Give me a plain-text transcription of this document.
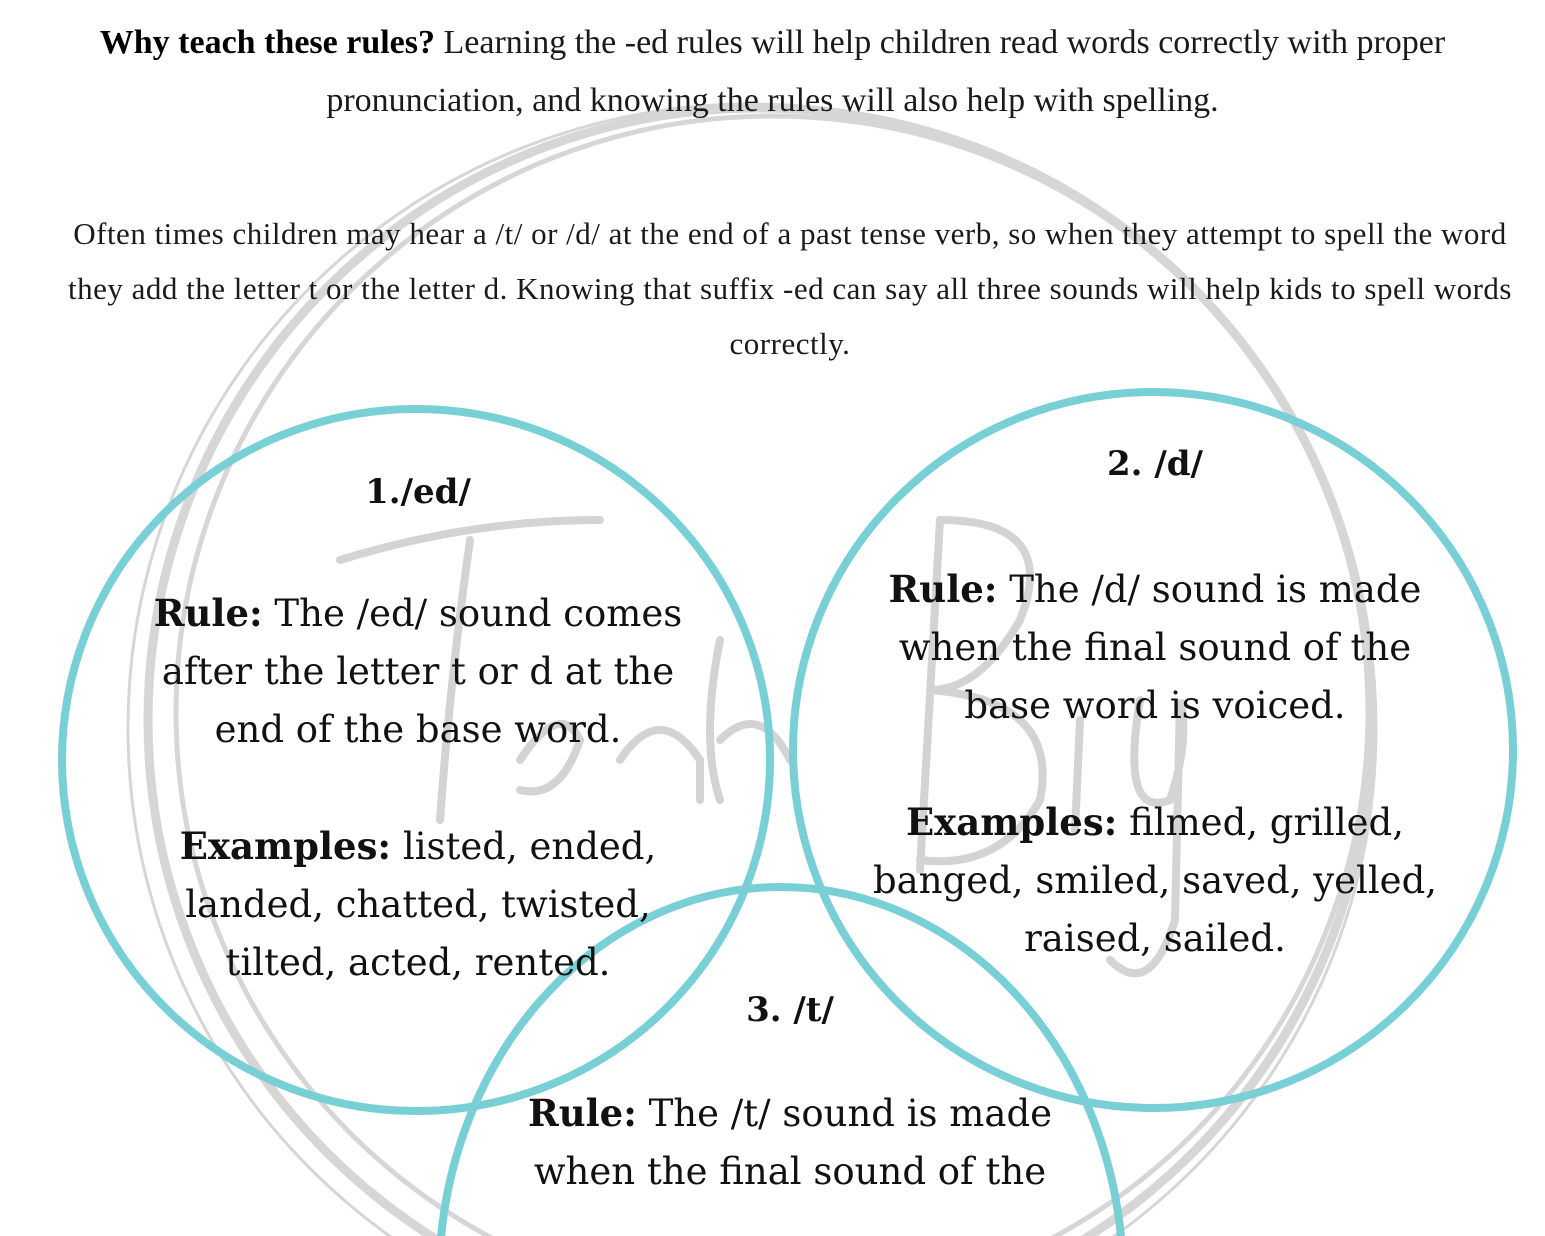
Why teach these rules? Learning the -ed rules will help children read words correctly with proper pronunciation, and knowing the rules will also help with spelling.
Often times children may hear a /t/ or /d/ at the end of a past tense verb, so when they attempt to spell the word they add the letter t or the letter d. Knowing that suffix -ed can say all three sounds will help kids to spell words correctly.
1./ed/

Rule: The /ed/ sound comes after the letter t or d at the end of the base word.

Examples: listed, ended, landed, chatted, twisted, tilted, acted, rented.

2. /d/

Rule: The /d/ sound is made when the final sound of the base word is voiced.

Examples: filmed, grilled, banged, smiled, saved, yelled, raised, sailed.

3. /t/

Rule: The /t/ sound is made when the final sound of the
